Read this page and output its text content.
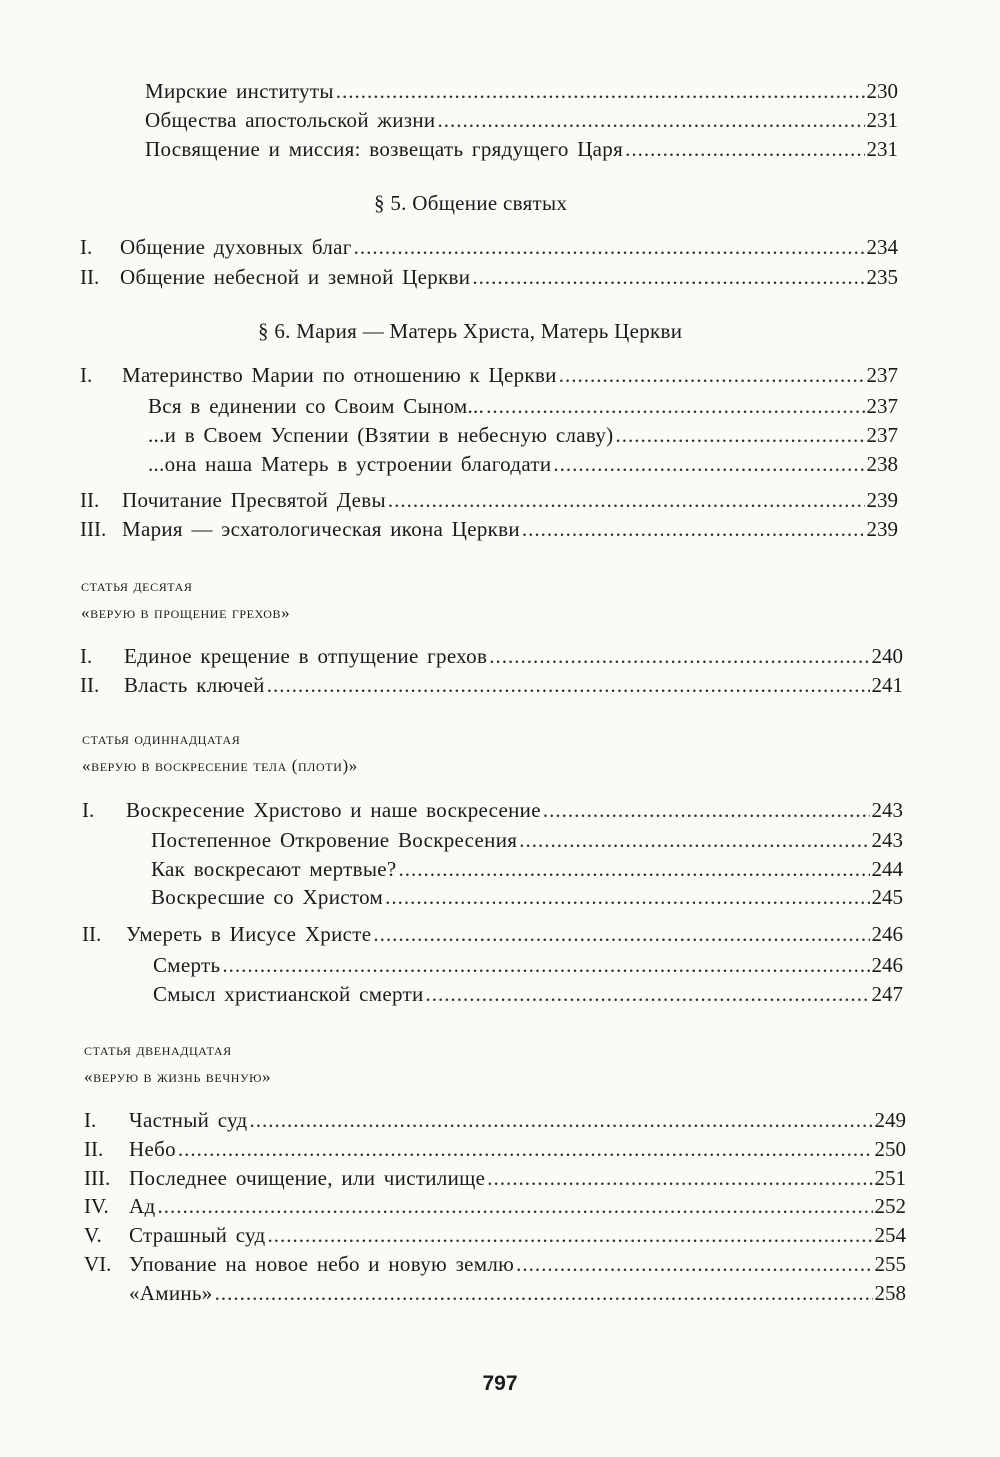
Мирские институты .....	230
Общества апостольской жизни .....	231
Посвящение и миссия: возвещать грядущего Царя .....	231
§ 5. Общение святых
I.	Общение духовных благ .....	234
II. Общение небесной и земной Церкви .....	235
§ 6. Мария — Матерь Христа, Матерь Церкви
I.	Материнство Марии по отношению к Церкви .....	237
Вся в единении со Своим Сыном... .....	237
...и в Своем Успении (Взятии в небесную славу) .....	237
...она наша Матерь в устроении благодати .....	238
II.	Почитание Пресвятой Девы .....	239
III. Мария — эсхатологическая икона Церкви .....	239
статья десятая
«верую в прощение грехов»
I.	Единое крещение в отпущение грехов .....	240
II.	Власть ключей .....	241
статья одиннадцатая
«верую в воскресение тела (плоти)»
I.	Воскресение Христово и наше воскресение .....	243
Постепенное Откровение Воскресения .....	243
Как воскресают мертвые? .....	244
Воскресшие со Христом .....	245
II.	Умереть в Иисусе Христе .....	246
Смерть .....	246
Смысл христианской смерти .....	247
статья двенадцатая
«верую в жизнь вечную»
I.	Частный суд .....	249
II.	Небо .....	250
III. Последнее очищение, или чистилище .....	251
IV. Ад .....	252
V.	Страшный суд .....	254
VI. Упование на новое небо и новую землю .....	255
«Аминь» .....	258
797
